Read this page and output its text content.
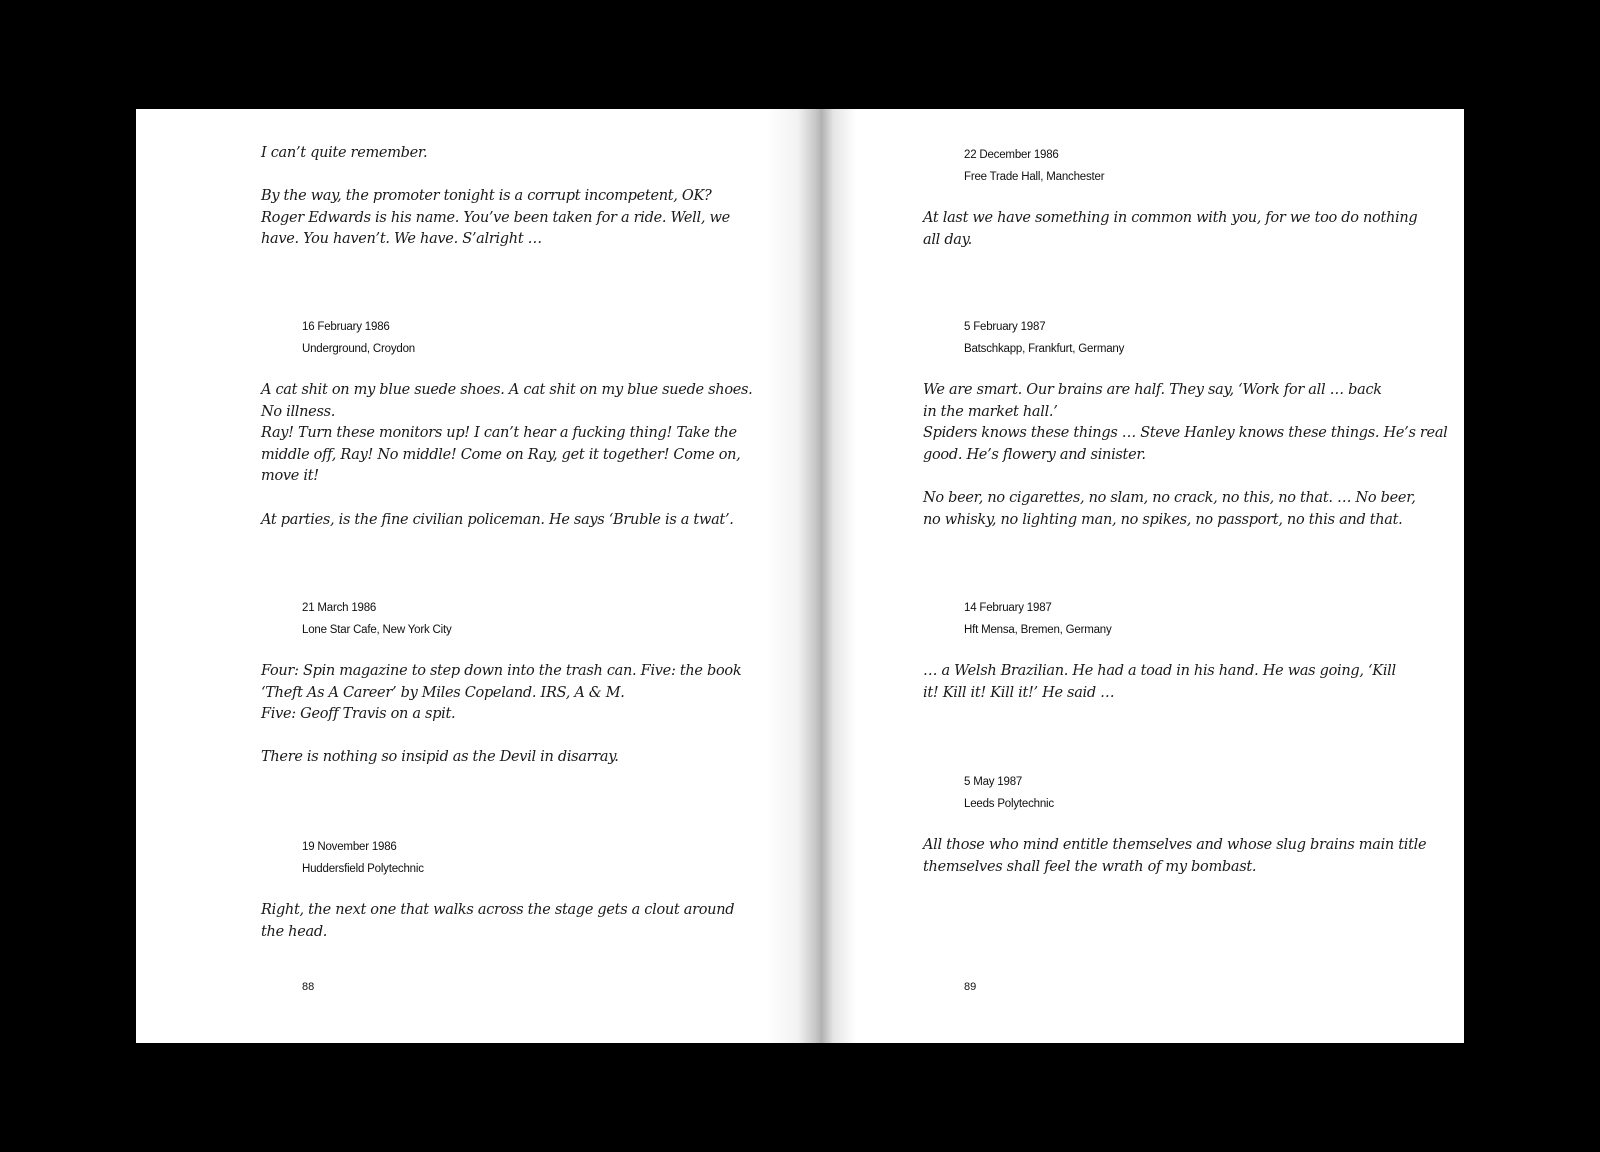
I can’t quite remember.

By the way, the promoter tonight is a corrupt incompetent, OK?

Roger Edwards is his name. You’ve been taken for a ride. Well, we

have. You haven’t. We have. S’alright …

16 February 1986
Underground, Croydon

A cat shit on my blue suede shoes. A cat shit on my blue suede shoes.

No illness.

Ray! Turn these monitors up! I can’t hear a fucking thing! Take the

middle off, Ray! No middle! Come on Ray, get it together! Come on,

move it!

At parties, is the fine civilian policeman. He says ‘Bruble is a twat’.

21 March 1986
Lone Star Cafe, New York City

Four: Spin magazine to step down into the trash can. Five: the book

‘Theft As A Career’ by Miles Copeland. IRS, A & M.

Five: Geoff Travis on a spit.

There is nothing so insipid as the Devil in disarray.

19 November 1986
Huddersfield Polytechnic

Right, the next one that walks across the stage gets a clout around

the head.

88
22 December 1986
Free Trade Hall, Manchester

At last we have something in common with you, for we too do nothing

all day.

5 February 1987
Batschkapp, Frankfurt, Germany

We are smart. Our brains are half. They say, ‘Work for all … back

in the market hall.’

Spiders knows these things … Steve Hanley knows these things. He’s real

good. He’s flowery and sinister.

No beer, no cigarettes, no slam, no crack, no this, no that. … No beer,

no whisky, no lighting man, no spikes, no passport, no this and that.

14 February 1987
Hft Mensa, Bremen, Germany

… a Welsh Brazilian. He had a toad in his hand. He was going, ‘Kill

it! Kill it! Kill it!’ He said …

5 May 1987
Leeds Polytechnic

All those who mind entitle themselves and whose slug brains main title

themselves shall feel the wrath of my bombast.

89
